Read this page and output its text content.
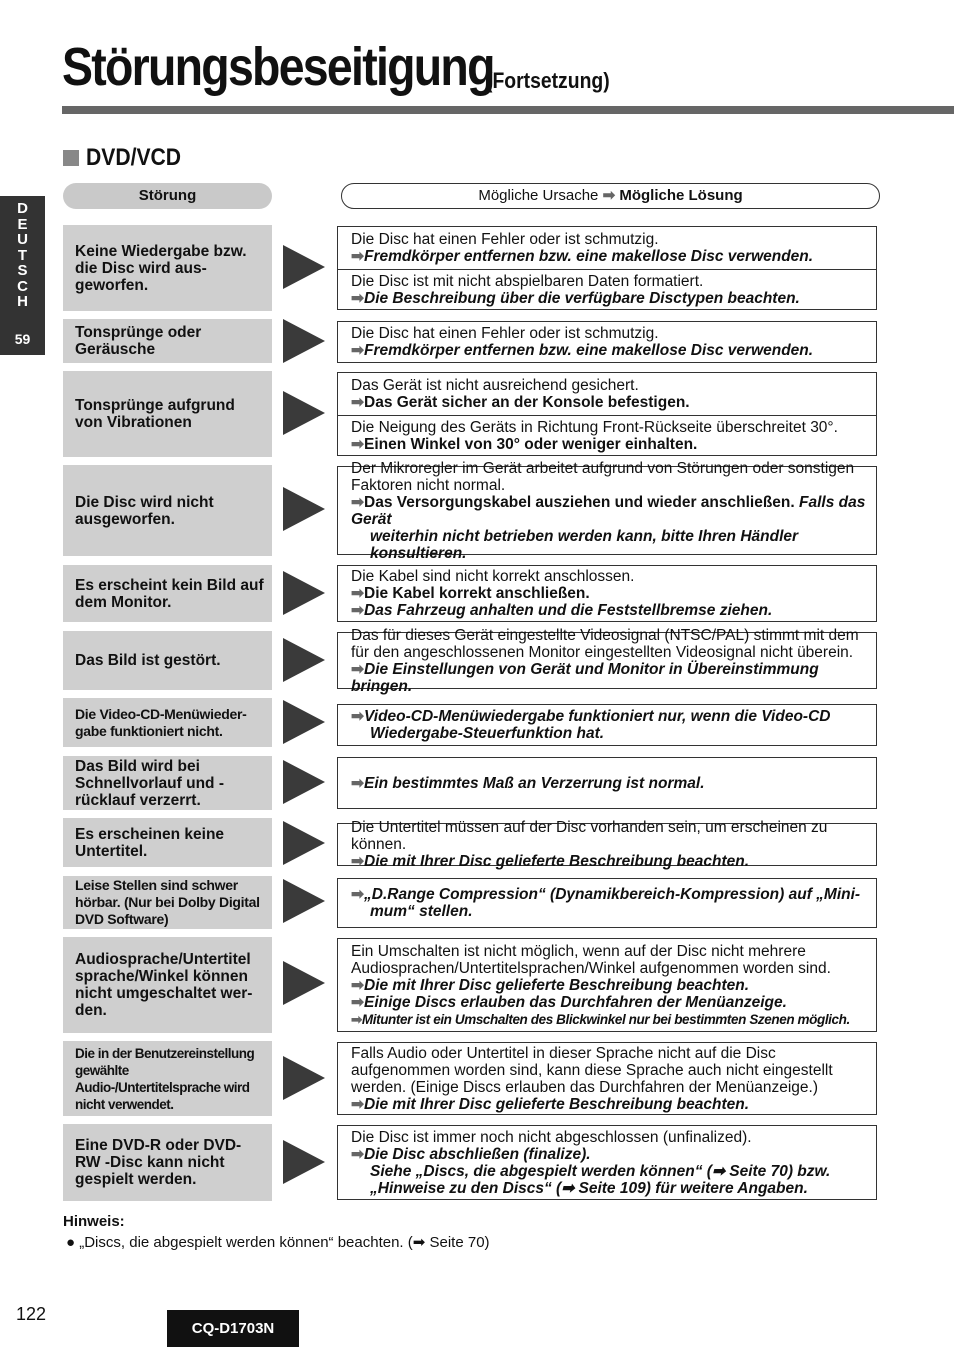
Störungsbeseitigung
(Fortsetzung)
DVD/VCD
D
E
U
T
S
C
H
59
Störung	Mögliche Ursache ➡ Mögliche Lösung
Keine Wiedergabe bzw. die Disc wird aus-geworfen.
Die Disc hat einen Fehler oder ist schmutzig.
➡Fremdkörper entfernen bzw. eine makellose Disc verwenden.
Die Disc ist mit nicht abspielbaren Daten formatiert.
➡Die Beschreibung über die verfügbare Disctypen beachten.
Tonsprünge oder Geräusche
Die Disc hat einen Fehler oder ist schmutzig.
➡Fremdkörper entfernen bzw. eine makellose Disc verwenden.
Tonsprünge aufgrund von Vibrationen
Das Gerät ist nicht ausreichend gesichert.
➡Das Gerät sicher an der Konsole befestigen.
Die Neigung des Geräts in Richtung Front-Rückseite überschreitet 30°.
➡Einen Winkel von 30° oder weniger einhalten.
Die Disc wird nicht ausgeworfen.
Der Mikroregler im Gerät arbeitet aufgrund von Störungen oder sonstigen Faktoren nicht normal.
➡Das Versorgungskabel ausziehen und wieder anschließen. Falls das Gerät
weiterhin nicht betrieben werden kann, bitte Ihren Händler konsultieren.
Es erscheint kein Bild auf dem Monitor.
Die Kabel sind nicht korrekt anschlossen.
➡Die Kabel korrekt anschließen.
➡Das Fahrzeug anhalten und die Feststellbremse ziehen.
Das Bild ist gestört.
Das für dieses Gerät eingestellte Videosignal (NTSC/PAL) stimmt mit dem für den angeschlossenen Monitor eingestellten Videosignal nicht überein.
➡Die Einstellungen von Gerät und Monitor in Übereinstimmung bringen.
Die Video-CD-Menüwieder-gabe funktioniert nicht.
➡Video-CD-Menüwiedergabe funktioniert nur, wenn die Video-CD
Wiedergabe-Steuerfunktion hat.
Das Bild wird bei Schnellvorlauf und -rücklauf verzerrt.
➡Ein bestimmtes Maß an Verzerrung ist normal.
Es erscheinen keine Untertitel.
Die Untertitel müssen auf der Disc vorhanden sein, um erscheinen zu können.
➡Die mit Ihrer Disc gelieferte Beschreibung beachten.
Leise Stellen sind schwer hörbar. (Nur bei Dolby Digital DVD Software)
➡„D.Range Compression“ (Dynamikbereich-Kompression) auf „Mini-
mum“ stellen.
Audiosprache/Untertitel sprache/Winkel können nicht umgeschaltet wer-den.
Ein Umschalten ist nicht möglich, wenn auf der Disc nicht mehrere Audiosprachen/Untertitelsprachen/Winkel aufgenommen worden sind.
➡Die mit Ihrer Disc gelieferte Beschreibung beachten.
➡Einige Discs erlauben das Durchfahren der Menüanzeige.
➡Mitunter ist ein Umschalten des Blickwinkel nur bei bestimmten Szenen möglich.
Die in der Benutzereinstellung gewählte Audio-/Untertitelsprache wird nicht verwendet.
Falls Audio oder Untertitel in dieser Sprache nicht auf die Disc aufgenommen worden sind, kann diese Sprache auch nicht eingestellt werden. (Einige Discs erlauben das Durchfahren der Menüanzeige.)
➡Die mit Ihrer Disc gelieferte Beschreibung beachten.
Eine DVD-R oder DVD-RW -Disc kann nicht gespielt werden.
Die Disc ist immer noch nicht abgeschlossen (unfinalized).
➡Die Disc abschließen (finalize).
Siehe „Discs, die abgespielt werden können“ (➡ Seite 70) bzw.
„Hinweise zu den Discs“ (➡ Seite 109) für weitere Angaben.
Hinweis:
● „Discs, die abgespielt werden können“ beachten. (➡ Seite 70)
122
CQ-D1703N
